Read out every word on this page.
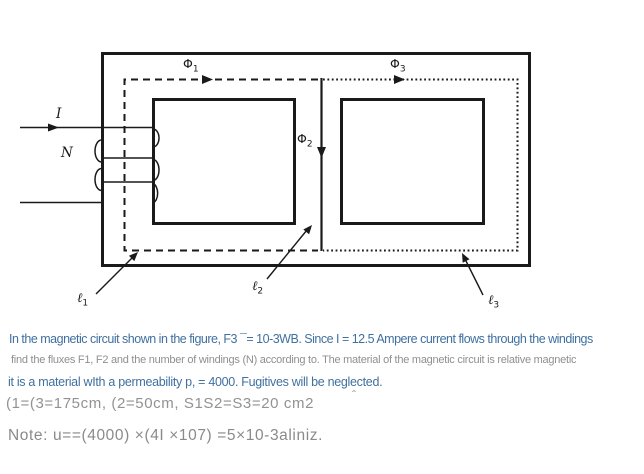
$\Phi_1$	$\Phi_3$
$\Phi_2$
I
N
ℓ$_1$
ℓ$_2$
ℓ$_3$
In the magnetic circuit shown in the figure, F3 ¯= 10-3WB. Since I = 12.5 Ampere current flows through the windings
find the fluxes F1, F2 and the number of windings (N) according to. The material of the magnetic circuit is relative magnetic
it is a material wIth a permeability p, = 4000. Fugitives will be neglected.
(1=(3=175cm, (2=50cm, S1S2=S3=20 cm2	ˆ
Note: u==(4000) ×(4I ×107) =5×10-3aliniz.
